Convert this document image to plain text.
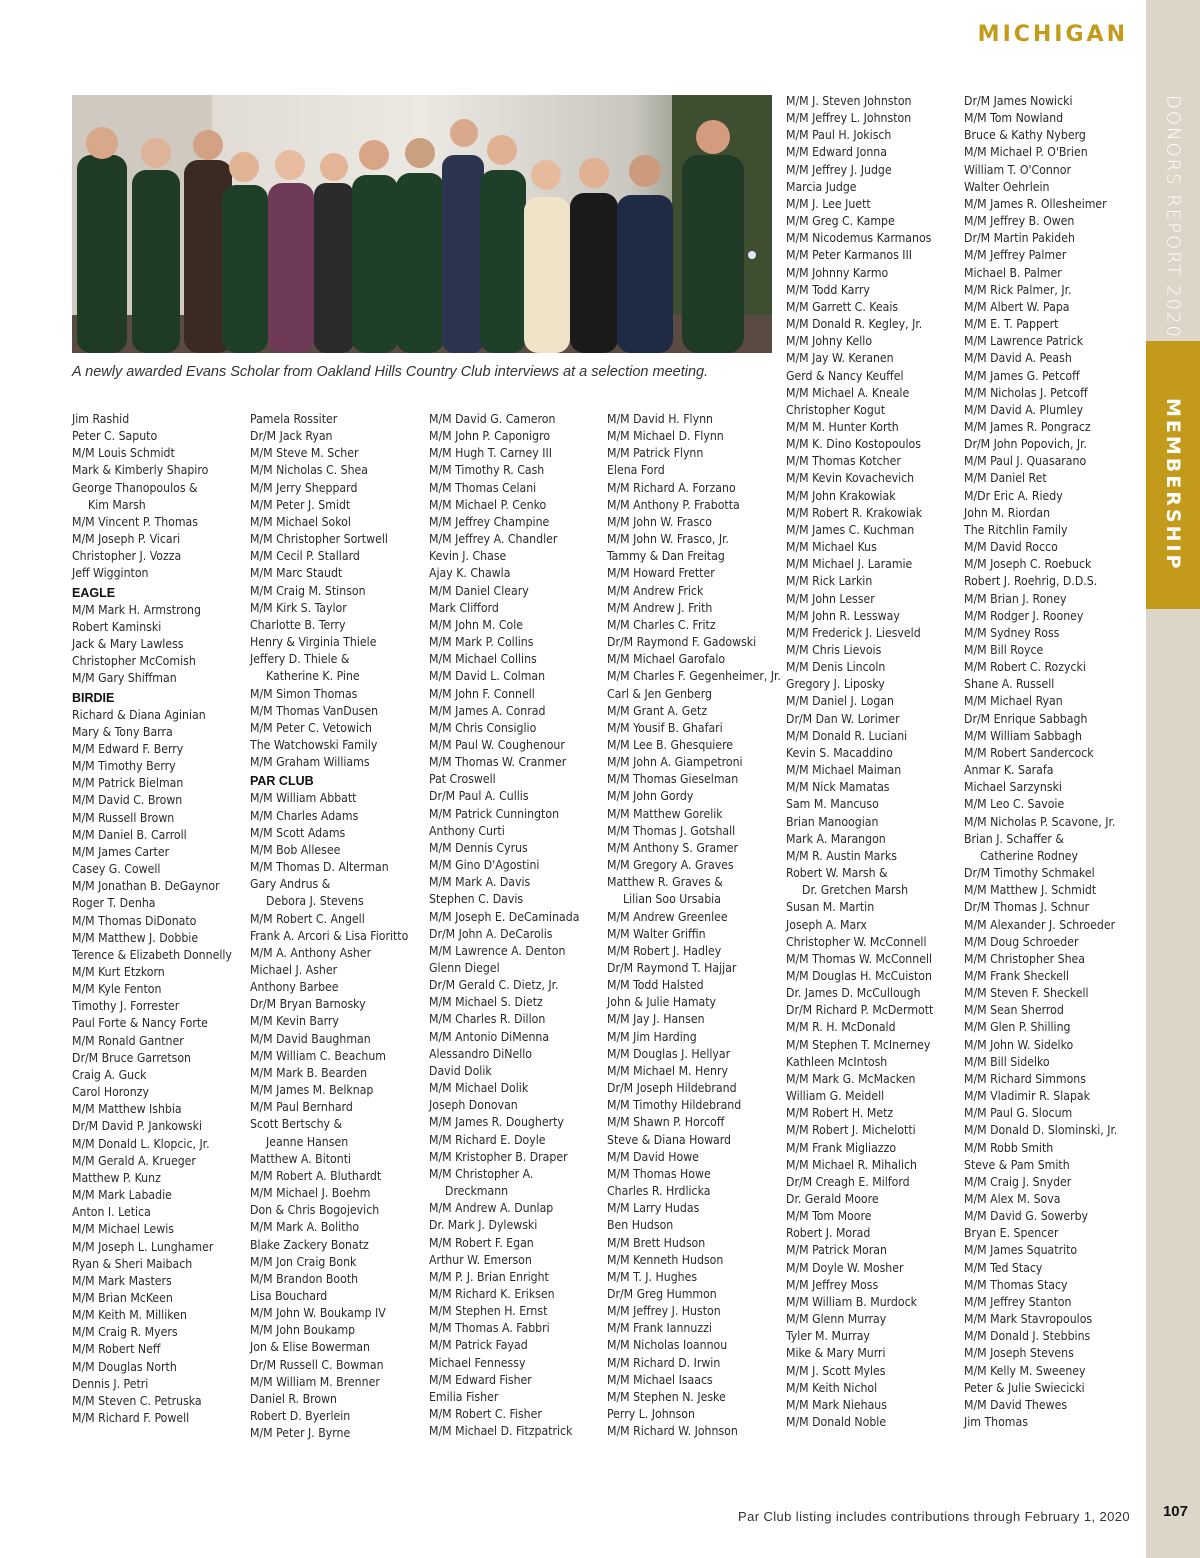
MICHIGAN
DONORS REPORT 2020
MEMBERSHIP
A newly awarded Evans Scholar from Oakland Hills Country Club interviews at a selection meeting.
Jim Rashid
Peter C. Saputo
M/M Louis Schmidt
Mark & Kimberly Shapiro
George Thanopoulos &
Kim Marsh
M/M Vincent P. Thomas
M/M Joseph P. Vicari
Christopher J. Vozza
Jeff Wigginton
EAGLE
M/M Mark H. Armstrong
Robert Kaminski
Jack & Mary Lawless
Christopher McComish
M/M Gary Shiffman
BIRDIE
Richard & Diana Aginian
Mary & Tony Barra
M/M Edward F. Berry
M/M Timothy Berry
M/M Patrick Bielman
M/M David C. Brown
M/M Russell Brown
M/M Daniel B. Carroll
M/M James Carter
Casey G. Cowell
M/M Jonathan B. DeGaynor
Roger T. Denha
M/M Thomas DiDonato
M/M Matthew J. Dobbie
Terence & Elizabeth Donnelly
M/M Kurt Etzkorn
M/M Kyle Fenton
Timothy J. Forrester
Paul Forte & Nancy Forte
M/M Ronald Gantner
Dr/M Bruce Garretson
Craig A. Guck
Carol Horonzy
M/M Matthew Ishbia
Dr/M David P. Jankowski
M/M Donald L. Klopcic, Jr.
M/M Gerald A. Krueger
Matthew P. Kunz
M/M Mark Labadie
Anton I. Letica
M/M Michael Lewis
M/M Joseph L. Lunghamer
Ryan & Sheri Maibach
M/M Mark Masters
M/M Brian McKeen
M/M Keith M. Milliken
M/M Craig R. Myers
M/M Robert Neff
M/M Douglas North
Dennis J. Petri
M/M Steven C. Petruska
M/M Richard F. Powell
Pamela Rossiter
Dr/M Jack Ryan
M/M Steve M. Scher
M/M Nicholas C. Shea
M/M Jerry Sheppard
M/M Peter J. Smidt
M/M Michael Sokol
M/M Christopher Sortwell
M/M Cecil P. Stallard
M/M Marc Staudt
M/M Craig M. Stinson
M/M Kirk S. Taylor
Charlotte B. Terry
Henry & Virginia Thiele
Jeffery D. Thiele &
Katherine K. Pine
M/M Simon Thomas
M/M Thomas VanDusen
M/M Peter C. Vetowich
The Watchowski Family
M/M Graham Williams
PAR CLUB
M/M William Abbatt
M/M Charles Adams
M/M Scott Adams
M/M Bob Allesee
M/M Thomas D. Alterman
Gary Andrus &
Debora J. Stevens
M/M Robert C. Angell
Frank A. Arcori & Lisa Fioritto
M/M A. Anthony Asher
Michael J. Asher
Anthony Barbee
Dr/M Bryan Barnosky
M/M Kevin Barry
M/M David Baughman
M/M William C. Beachum
M/M Mark B. Bearden
M/M James M. Belknap
M/M Paul Bernhard
Scott Bertschy &
Jeanne Hansen
Matthew A. Bitonti
M/M Robert A. Bluthardt
M/M Michael J. Boehm
Don & Chris Bogojevich
M/M Mark A. Bolitho
Blake Zackery Bonatz
M/M Jon Craig Bonk
M/M Brandon Booth
Lisa Bouchard
M/M John W. Boukamp IV
M/M John Boukamp
Jon & Elise Bowerman
Dr/M Russell C. Bowman
M/M William M. Brenner
Daniel R. Brown
Robert D. Byerlein
M/M Peter J. Byrne
M/M David G. Cameron
M/M John P. Caponigro
M/M Hugh T. Carney III
M/M Timothy R. Cash
M/M Thomas Celani
M/M Michael P. Cenko
M/M Jeffrey Champine
M/M Jeffrey A. Chandler
Kevin J. Chase
Ajay K. Chawla
M/M Daniel Cleary
Mark Clifford
M/M John M. Cole
M/M Mark P. Collins
M/M Michael Collins
M/M David L. Colman
M/M John F. Connell
M/M James A. Conrad
M/M Chris Consiglio
M/M Paul W. Coughenour
M/M Thomas W. Cranmer
Pat Croswell
Dr/M Paul A. Cullis
M/M Patrick Cunnington
Anthony Curti
M/M Dennis Cyrus
M/M Gino D'Agostini
M/M Mark A. Davis
Stephen C. Davis
M/M Joseph E. DeCaminada
Dr/M John A. DeCarolis
M/M Lawrence A. Denton
Glenn Diegel
Dr/M Gerald C. Dietz, Jr.
M/M Michael S. Dietz
M/M Charles R. Dillon
M/M Antonio DiMenna
Alessandro DiNello
David Dolik
M/M Michael Dolik
Joseph Donovan
M/M James R. Dougherty
M/M Richard E. Doyle
M/M Kristopher B. Draper
M/M Christopher A.
Dreckmann
M/M Andrew A. Dunlap
Dr. Mark J. Dylewski
M/M Robert F. Egan
Arthur W. Emerson
M/M P. J. Brian Enright
M/M Richard K. Eriksen
M/M Stephen H. Ernst
M/M Thomas A. Fabbri
M/M Patrick Fayad
Michael Fennessy
M/M Edward Fisher
Emilia Fisher
M/M Robert C. Fisher
M/M Michael D. Fitzpatrick
M/M David H. Flynn
M/M Michael D. Flynn
M/M Patrick Flynn
Elena Ford
M/M Richard A. Forzano
M/M Anthony P. Frabotta
M/M John W. Frasco
M/M John W. Frasco, Jr.
Tammy & Dan Freitag
M/M Howard Fretter
M/M Andrew Frick
M/M Andrew J. Frith
M/M Charles C. Fritz
Dr/M Raymond F. Gadowski
M/M Michael Garofalo
M/M Charles F. Gegenheimer, Jr.
Carl & Jen Genberg
M/M Grant A. Getz
M/M Yousif B. Ghafari
M/M Lee B. Ghesquiere
M/M John A. Giampetroni
M/M Thomas Gieselman
M/M John Gordy
M/M Matthew Gorelik
M/M Thomas J. Gotshall
M/M Anthony S. Gramer
M/M Gregory A. Graves
Matthew R. Graves &
Lilian Soo Ursabia
M/M Andrew Greenlee
M/M Walter Griffin
M/M Robert J. Hadley
Dr/M Raymond T. Hajjar
M/M Todd Halsted
John & Julie Hamaty
M/M Jay J. Hansen
M/M Jim Harding
M/M Douglas J. Hellyar
M/M Michael M. Henry
Dr/M Joseph Hildebrand
M/M Timothy Hildebrand
M/M Shawn P. Horcoff
Steve & Diana Howard
M/M David Howe
M/M Thomas Howe
Charles R. Hrdlicka
M/M Larry Hudas
Ben Hudson
M/M Brett Hudson
M/M Kenneth Hudson
M/M T. J. Hughes
Dr/M Greg Hummon
M/M Jeffrey J. Huston
M/M Frank Iannuzzi
M/M Nicholas Ioannou
M/M Richard D. Irwin
M/M Michael Isaacs
M/M Stephen N. Jeske
Perry L. Johnson
M/M Richard W. Johnson
M/M J. Steven Johnston
M/M Jeffrey L. Johnston
M/M Paul H. Jokisch
M/M Edward Jonna
M/M Jeffrey J. Judge
Marcia Judge
M/M J. Lee Juett
M/M Greg C. Kampe
M/M Nicodemus Karmanos
M/M Peter Karmanos III
M/M Johnny Karmo
M/M Todd Karry
M/M Garrett C. Keais
M/M Donald R. Kegley, Jr.
M/M Johny Kello
M/M Jay W. Keranen
Gerd & Nancy Keuffel
M/M Michael A. Kneale
Christopher Kogut
M/M M. Hunter Korth
M/M K. Dino Kostopoulos
M/M Thomas Kotcher
M/M Kevin Kovachevich
M/M John Krakowiak
M/M Robert R. Krakowiak
M/M James C. Kuchman
M/M Michael Kus
M/M Michael J. Laramie
M/M Rick Larkin
M/M John Lesser
M/M John R. Lessway
M/M Frederick J. Liesveld
M/M Chris Lievois
M/M Denis Lincoln
Gregory J. Liposky
M/M Daniel J. Logan
Dr/M Dan W. Lorimer
M/M Donald R. Luciani
Kevin S. Macaddino
M/M Michael Maiman
M/M Nick Mamatas
Sam M. Mancuso
Brian Manoogian
Mark A. Marangon
M/M R. Austin Marks
Robert W. Marsh &
Dr. Gretchen Marsh
Susan M. Martin
Joseph A. Marx
Christopher W. McConnell
M/M Thomas W. McConnell
M/M Douglas H. McCuiston
Dr. James D. McCullough
Dr/M Richard P. McDermott
M/M R. H. McDonald
M/M Stephen T. McInerney
Kathleen McIntosh
M/M Mark G. McMacken
William G. Meidell
M/M Robert H. Metz
M/M Robert J. Michelotti
M/M Frank Migliazzo
M/M Michael R. Mihalich
Dr/M Creagh E. Milford
Dr. Gerald Moore
M/M Tom Moore
Robert J. Morad
M/M Patrick Moran
M/M Doyle W. Mosher
M/M Jeffrey Moss
M/M William B. Murdock
M/M Glenn Murray
Tyler M. Murray
Mike & Mary Murri
M/M J. Scott Myles
M/M Keith Nichol
M/M Mark Niehaus
M/M Donald Noble
Dr/M James Nowicki
M/M Tom Nowland
Bruce & Kathy Nyberg
M/M Michael P. O'Brien
William T. O'Connor
Walter Oehrlein
M/M James R. Ollesheimer
M/M Jeffrey B. Owen
Dr/M Martin Pakideh
M/M Jeffrey Palmer
Michael B. Palmer
M/M Rick Palmer, Jr.
M/M Albert W. Papa
M/M E. T. Pappert
M/M Lawrence Patrick
M/M David A. Peash
M/M James G. Petcoff
M/M Nicholas J. Petcoff
M/M David A. Plumley
M/M James R. Pongracz
Dr/M John Popovich, Jr.
M/M Paul J. Quasarano
M/M Daniel Ret
M/Dr Eric A. Riedy
John M. Riordan
The Ritchlin Family
M/M David Rocco
M/M Joseph C. Roebuck
Robert J. Roehrig, D.D.S.
M/M Brian J. Roney
M/M Rodger J. Rooney
M/M Sydney Ross
M/M Bill Royce
M/M Robert C. Rozycki
Shane A. Russell
M/M Michael Ryan
Dr/M Enrique Sabbagh
M/M William Sabbagh
M/M Robert Sandercock
Anmar K. Sarafa
Michael Sarzynski
M/M Leo C. Savoie
M/M Nicholas P. Scavone, Jr.
Brian J. Schaffer &
Catherine Rodney
Dr/M Timothy Schmakel
M/M Matthew J. Schmidt
Dr/M Thomas J. Schnur
M/M Alexander J. Schroeder
M/M Doug Schroeder
M/M Christopher Shea
M/M Frank Sheckell
M/M Steven F. Sheckell
M/M Sean Sherrod
M/M Glen P. Shilling
M/M John W. Sidelko
M/M Bill Sidelko
M/M Richard Simmons
M/M Vladimir R. Slapak
M/M Paul G. Slocum
M/M Donald D. Slominski, Jr.
M/M Robb Smith
Steve & Pam Smith
M/M Craig J. Snyder
M/M Alex M. Sova
M/M David G. Sowerby
Bryan E. Spencer
M/M James Squatrito
M/M Ted Stacy
M/M Thomas Stacy
M/M Jeffrey Stanton
M/M Mark Stavropoulos
M/M Donald J. Stebbins
M/M Joseph Stevens
M/M Kelly M. Sweeney
Peter & Julie Swiecicki
M/M David Thewes
Jim Thomas
Par Club listing includes contributions through February 1, 2020 107
